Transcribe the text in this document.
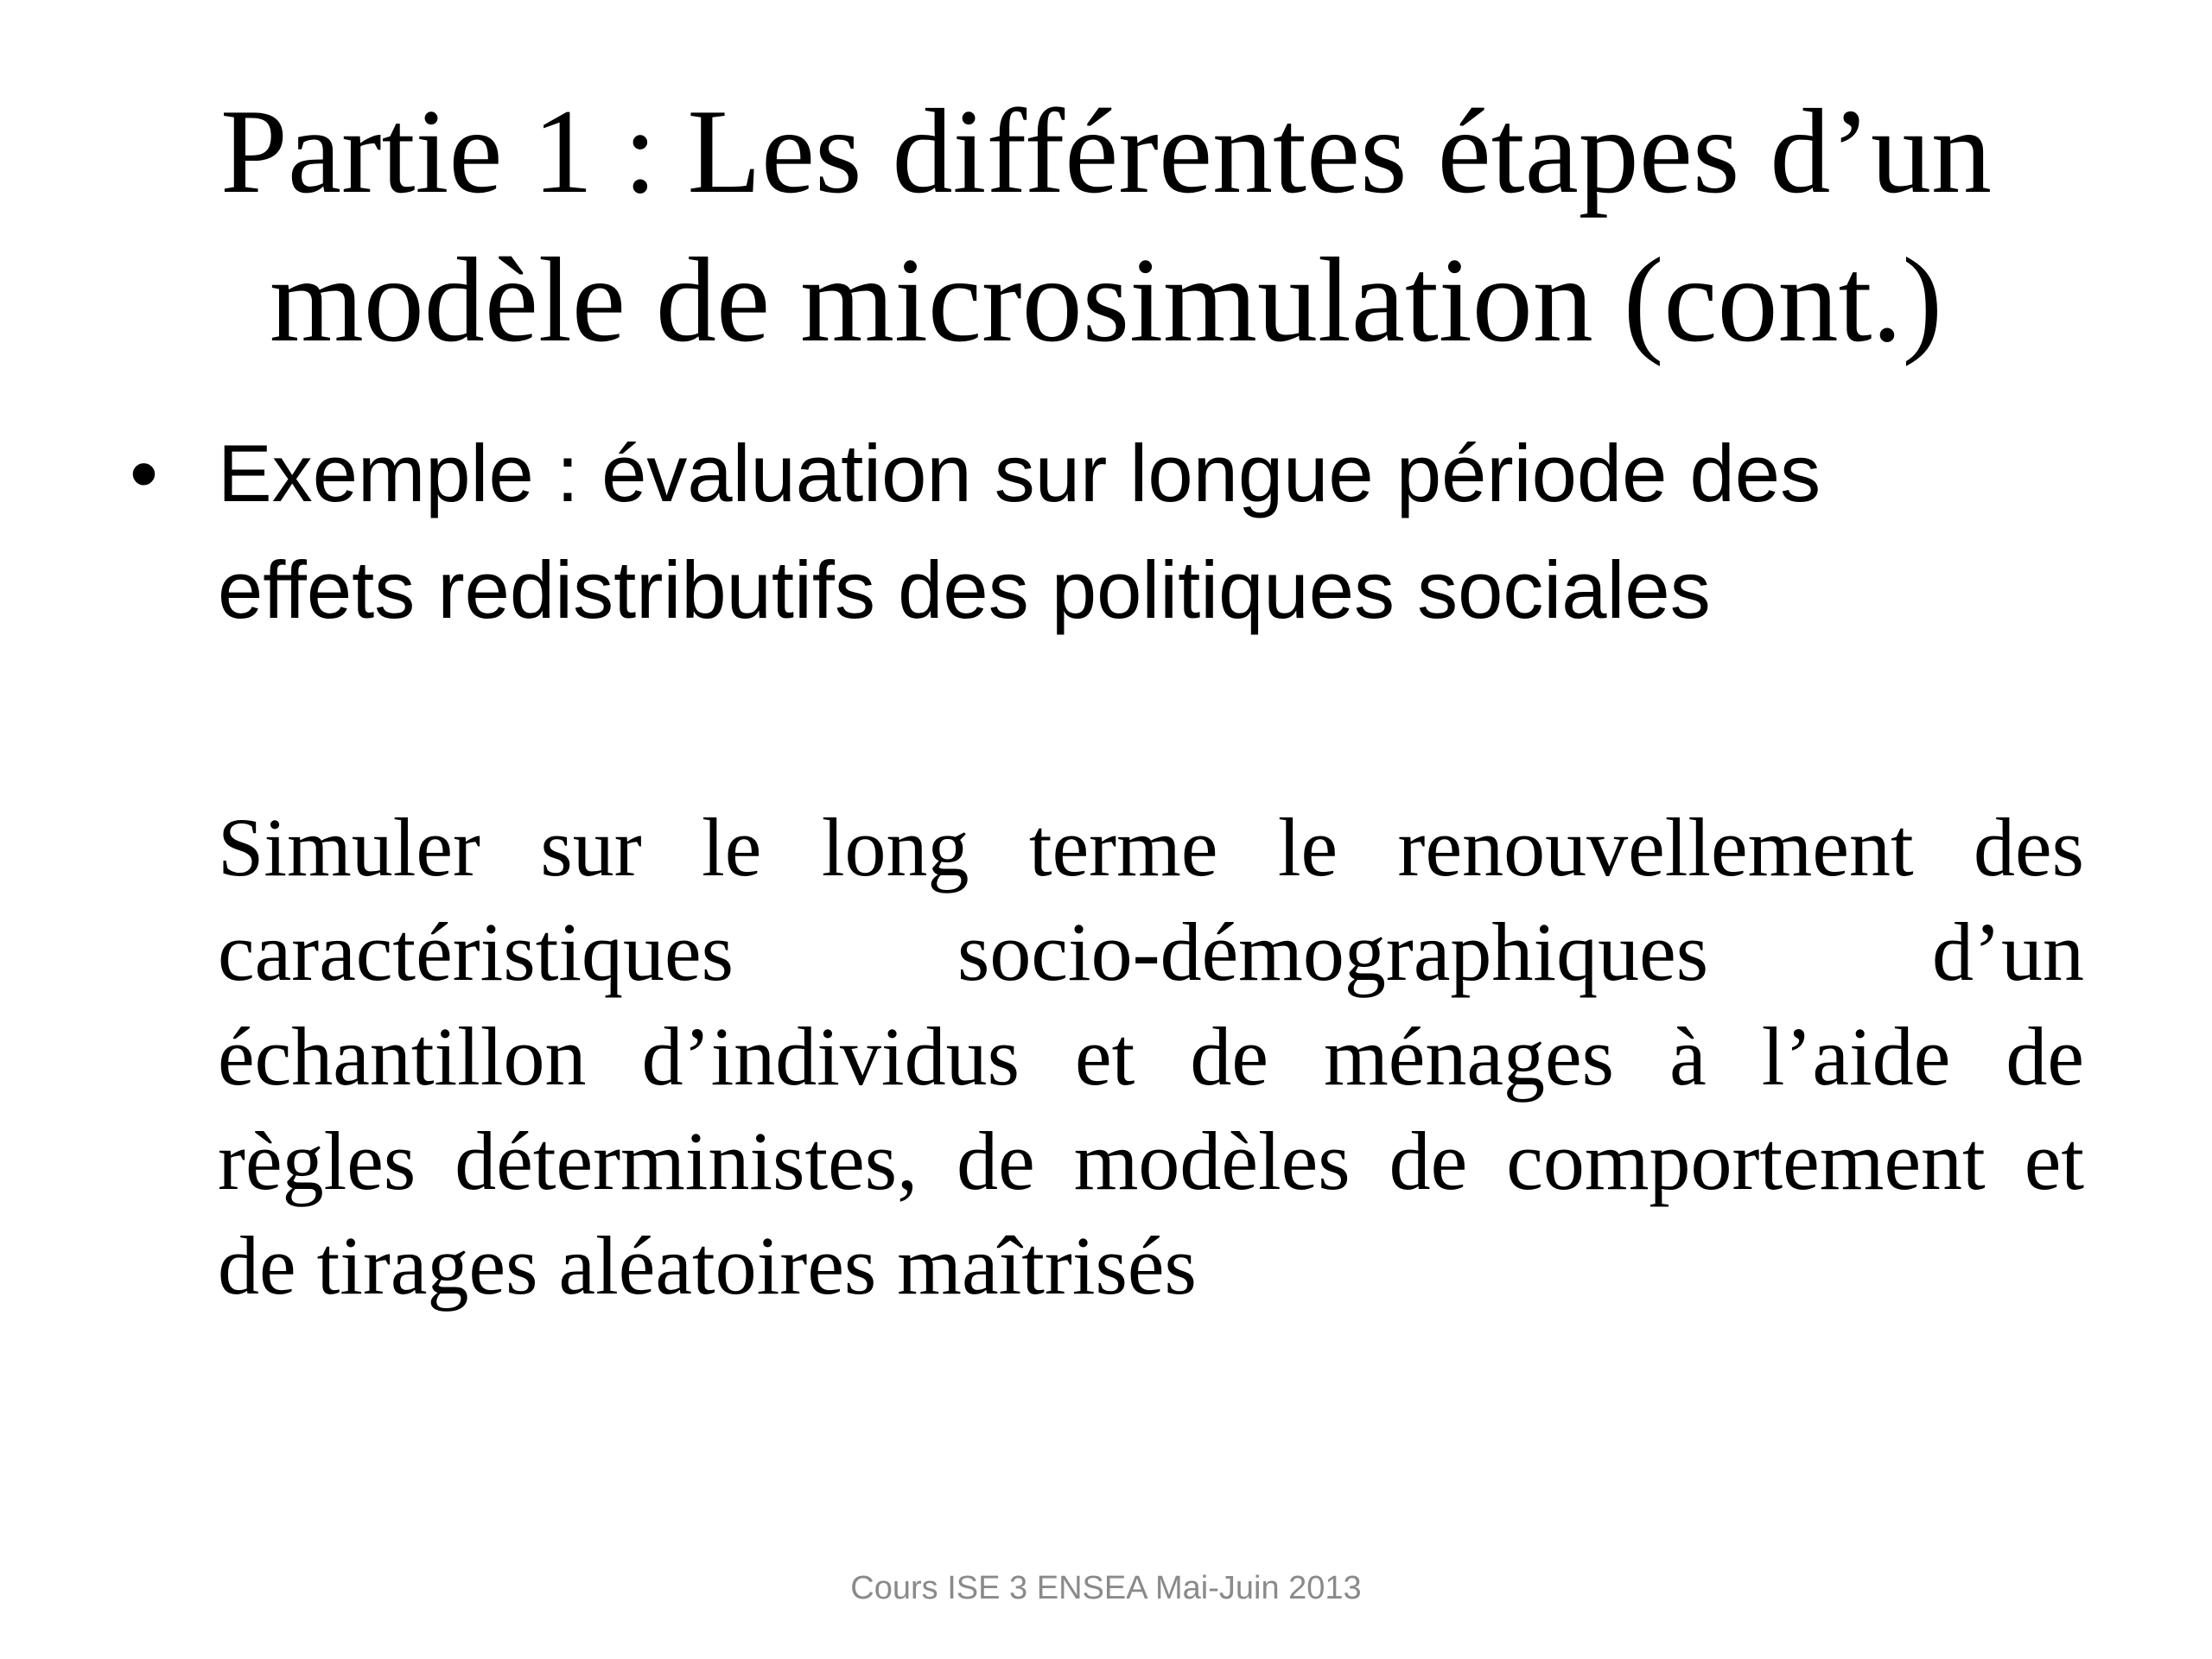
Partie 1 : Les différentes étapes d’un
modèle de microsimulation (cont.)
• Exemple : évaluation sur longue période des
effets redistributifs des politiques sociales
Simuler sur le long terme le renouvellement des
caractéristiques socio-démographiques d’un
échantillon d’individus et de ménages à l’aide de
règles déterministes, de modèles de comportement et
de tirages aléatoires maîtrisés
Cours ISE 3 ENSEA Mai-Juin 2013
